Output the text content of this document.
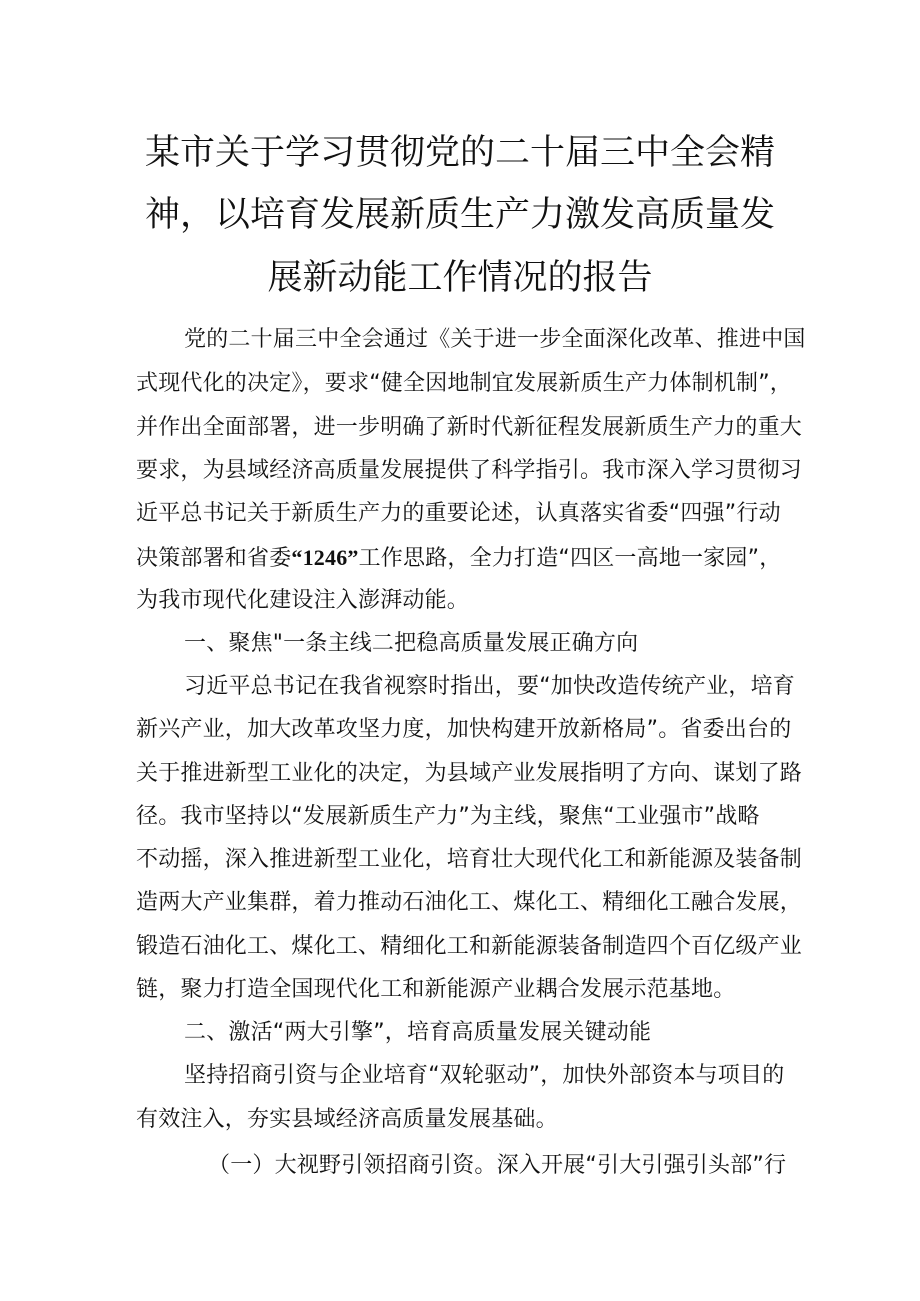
某市关于学习贯彻党的二十届三中全会精
神，以培育发展新质生产力激发高质量发
展新动能工作情况的报告
党的二十届三中全会通过《关于进一步全面深化改革、推进中国
式现代化的决定》，要求“健全因地制宜发展新质生产力体制机制”，
并作出全面部署，进一步明确了新时代新征程发展新质生产力的重大
要求，为县域经济高质量发展提供了科学指引。我市深入学习贯彻习
近平总书记关于新质生产力的重要论述，认真落实省委“四强”行动
决策部署和省委“1246”工作思路，全力打造“四区一高地一家园”，
为我市现代化建设注入澎湃动能。
一、聚焦"一条主线二把稳高质量发展正确方向
习近平总书记在我省视察时指出，要“加快改造传统产业，培育
新兴产业，加大改革攻坚力度，加快构建开放新格局”。省委出台的
关于推进新型工业化的决定，为县域产业发展指明了方向、谋划了路
径。我市坚持以“发展新质生产力”为主线，聚焦“工业强市”战略
不动摇，深入推进新型工业化，培育壮大现代化工和新能源及装备制
造两大产业集群，着力推动石油化工、煤化工、精细化工融合发展，
锻造石油化工、煤化工、精细化工和新能源装备制造四个百亿级产业
链，聚力打造全国现代化工和新能源产业耦合发展示范基地。
二、激活“两大引擎”，培育高质量发展关键动能
坚持招商引资与企业培育“双轮驱动”，加快外部资本与项目的
有效注入，夯实县域经济高质量发展基础。
（一）大视野引领招商引资。深入开展“引大引强引头部”行
